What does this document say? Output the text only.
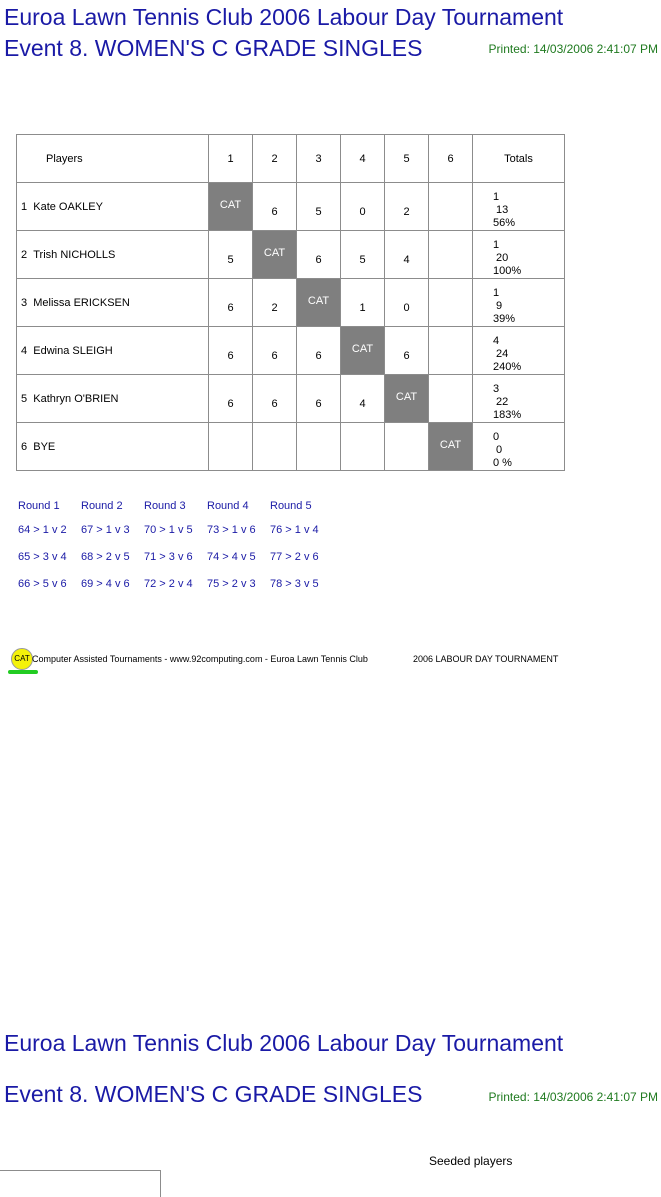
Euroa Lawn Tennis Club 2006 Labour Day Tournament
Event 8. WOMEN'S C GRADE SINGLES	Printed: 14/03/2006 2:41:07 PM
Players	1	2	3	4	5	6	Totals
1 Kate OAKLEY	CAT	6	5	0	2		1
13
56%

2 Trish NICHOLLS	5	CAT	6	5	4		1
20
100%

3 Melissa ERICKSEN	6	2	CAT	1	0		1
9
39%

4 Edwina SLEIGH	6	6	6	CAT	6		4
24
240%

5 Kathryn O'BRIEN	6	6	6	4	CAT		3
22
183%

6 BYE						CAT	0
0
0 %
Round 1
64 > 1 v 2
65 > 3 v 4
66 > 5 v 6
Round 2
67 > 1 v 3
68 > 2 v 5
69 > 4 v 6
Round 3
70 > 1 v 5
71 > 3 v 6
72 > 2 v 4
Round 4
73 > 1 v 6
74 > 4 v 5
75 > 2 v 3
Round 5
76 > 1 v 4
77 > 2 v 6
78 > 3 v 5
CAT Computer Assisted Tournaments - www.92computing.com - Euroa Lawn Tennis Club	2006 LABOUR DAY TOURNAMENT
Euroa Lawn Tennis Club 2006 Labour Day Tournament
Event 8. WOMEN'S C GRADE SINGLES	Printed: 14/03/2006 2:41:07 PM
Seeded players
